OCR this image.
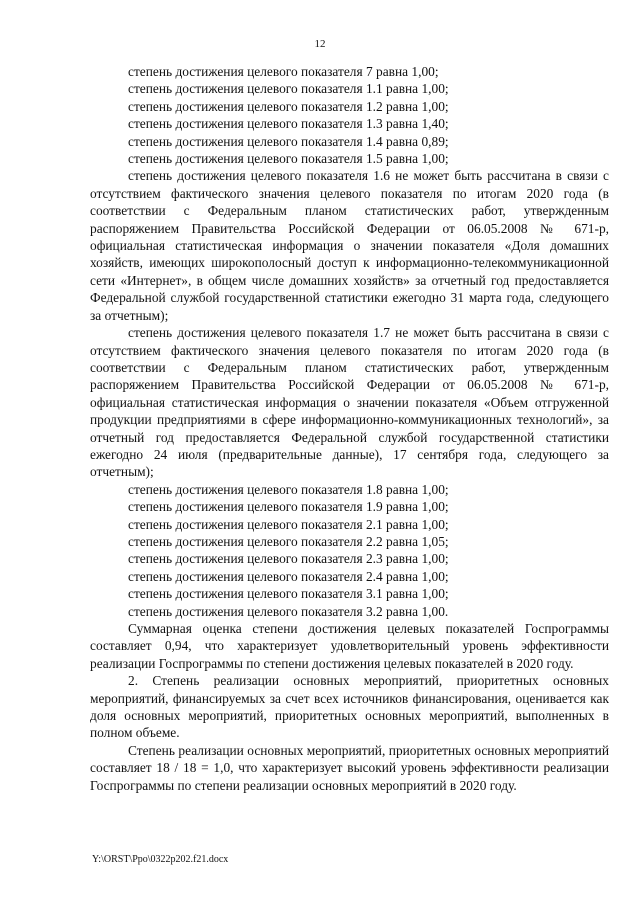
12

степень достижения целевого показателя 7 равна 1,00;

степень достижения целевого показателя 1.1 равна 1,00;

степень достижения целевого показателя 1.2 равна 1,00;

степень достижения целевого показателя 1.3 равна 1,40;

степень достижения целевого показателя 1.4 равна 0,89;

степень достижения целевого показателя 1.5 равна 1,00;

степень достижения целевого показателя 1.6 не может быть рассчитана в связи с отсутствием фактического значения целевого показателя по итогам 2020 года (в соответствии с Федеральным планом статистических работ, утвержденным распоряжением Правительства Российской Федерации от 06.05.2008 № 671-р, официальная статистическая информация о значении показателя «Доля домашних хозяйств, имеющих широкополосный доступ к информационно-телекоммуникационной сети «Интернет», в общем числе домашних хозяйств» за отчетный год предоставляется Федеральной службой государственной статистики ежегодно 31 марта года, следующего за отчетным);

степень достижения целевого показателя 1.7 не может быть рассчитана в связи с отсутствием фактического значения целевого показателя по итогам 2020 года (в соответствии с Федеральным планом статистических работ, утвержденным распоряжением Правительства Российской Федерации от 06.05.2008 № 671-р, официальная статистическая информация о значении показателя «Объем отгруженной продукции предприятиями в сфере информационно-коммуникационных технологий», за отчетный год предоставляется Федеральной службой государственной статистики ежегодно 24 июля (предварительные данные), 17 сентября года, следующего за отчетным);

степень достижения целевого показателя 1.8 равна 1,00;

степень достижения целевого показателя 1.9 равна 1,00;

степень достижения целевого показателя 2.1 равна 1,00;

степень достижения целевого показателя 2.2 равна 1,05;

степень достижения целевого показателя 2.3 равна 1,00;

степень достижения целевого показателя 2.4 равна 1,00;

степень достижения целевого показателя 3.1 равна 1,00;

степень достижения целевого показателя 3.2 равна 1,00.

Суммарная оценка степени достижения целевых показателей Госпрограммы составляет 0,94, что характеризует удовлетворительный уровень эффективности реализации Госпрограммы по степени достижения целевых показателей в 2020 году.

2. Степень реализации основных мероприятий, приоритетных основных мероприятий, финансируемых за счет всех источников финансирования, оценивается как доля основных мероприятий, приоритетных основных мероприятий, выполненных в полном объеме.

Степень реализации основных мероприятий, приоритетных основных мероприятий составляет 18 / 18 = 1,0, что характеризует высокий уровень эффективности реализации Госпрограммы по степени реализации основных мероприятий в 2020 году.

Y:\ORST\Ppo\0322p202.f21.docx
